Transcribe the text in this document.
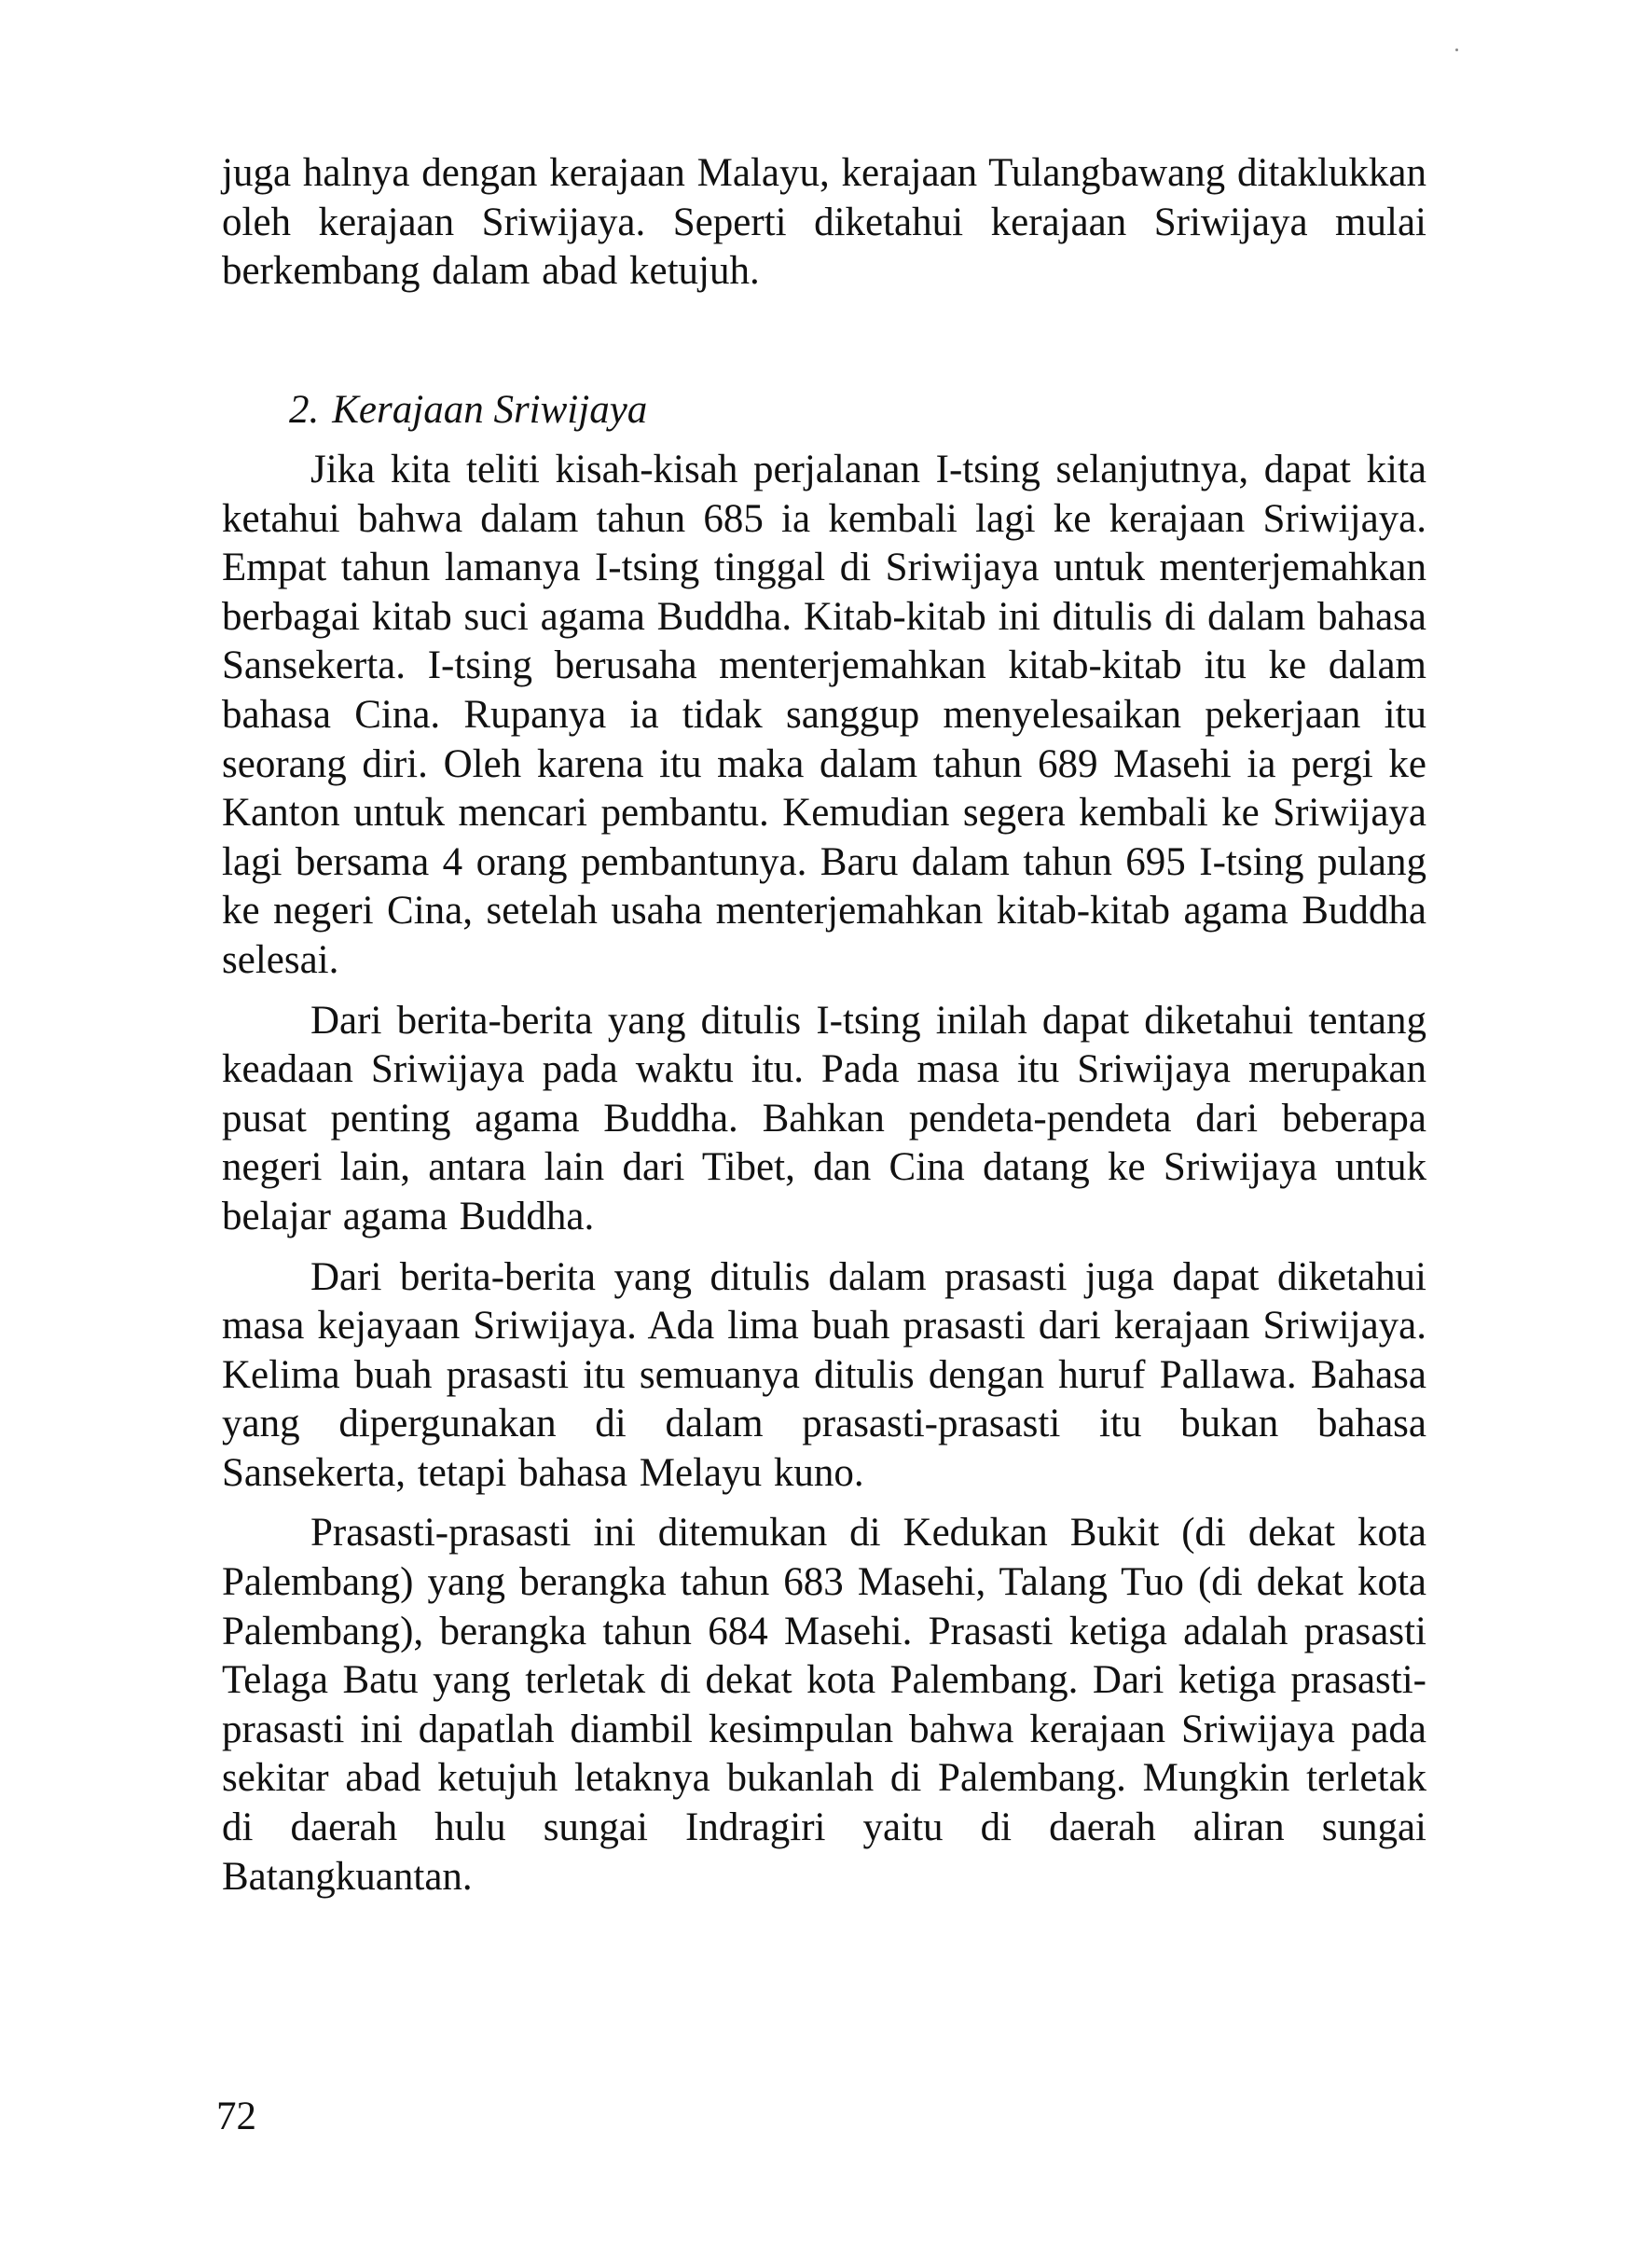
juga halnya dengan kerajaan Malayu, kerajaan Tulangbawang ditaklukkan oleh kerajaan Sriwijaya. Seperti diketahui kerajaan Sriwijaya mulai berkembang dalam abad ketujuh.

2. Kerajaan Sriwijaya

Jika kita teliti kisah-kisah perjalanan I-tsing selanjutnya, dapat kita ketahui bahwa dalam tahun 685 ia kembali lagi ke kerajaan Sriwijaya. Empat tahun lamanya I-tsing tinggal di Sriwijaya untuk menterjemahkan berbagai kitab suci agama Buddha. Kitab-kitab ini ditulis di dalam bahasa Sansekerta. I-tsing berusaha menterjemahkan kitab-kitab itu ke dalam bahasa Cina. Rupanya ia tidak sanggup menyelesaikan pekerjaan itu seorang diri. Oleh karena itu maka dalam tahun 689 Masehi ia pergi ke Kanton untuk mencari pembantu. Kemudian segera kembali ke Sriwijaya lagi bersama 4 orang pembantunya. Baru dalam tahun 695 I-tsing pulang ke negeri Cina, setelah usaha menterjemahkan kitab-kitab agama Buddha selesai.

Dari berita-berita yang ditulis I-tsing inilah dapat diketahui tentang keadaan Sriwijaya pada waktu itu. Pada masa itu Sriwijaya merupakan pusat penting agama Buddha. Bahkan pendeta-pendeta dari beberapa negeri lain, antara lain dari Tibet, dan Cina datang ke Sriwijaya untuk belajar agama Buddha.

Dari berita-berita yang ditulis dalam prasasti juga dapat diketahui masa kejayaan Sriwijaya. Ada lima buah prasasti dari kerajaan Sriwijaya. Kelima buah prasasti itu semuanya ditulis dengan huruf Pallawa. Bahasa yang dipergunakan di dalam prasasti-prasasti itu bukan bahasa Sansekerta, tetapi bahasa Melayu kuno.

Prasasti-prasasti ini ditemukan di Kedukan Bukit (di dekat kota Palembang) yang berangka tahun 683 Masehi, Talang Tuo (di dekat kota Palembang), berangka tahun 684 Masehi. Prasasti ketiga adalah prasasti Telaga Batu yang terletak di dekat kota Palembang. Dari ketiga prasasti-prasasti ini dapatlah diambil kesimpulan bahwa kerajaan Sriwijaya pada sekitar abad ketujuh letaknya bukanlah di Palembang. Mungkin terletak di daerah hulu sungai Indragiri yaitu di daerah aliran sungai Batangkuantan.

72
